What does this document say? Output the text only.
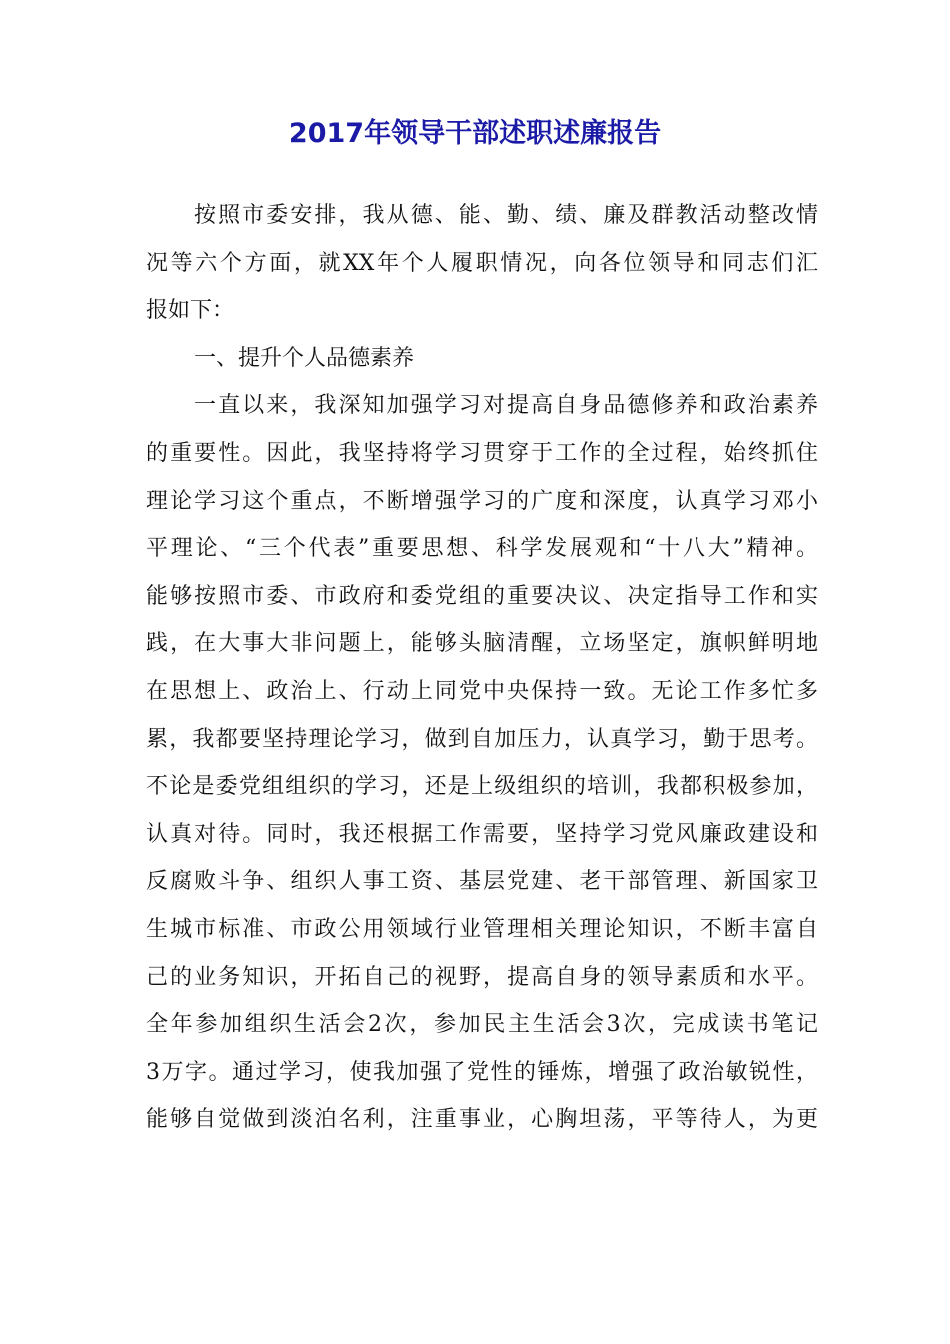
2017年领导干部述职述廉报告
按照市委安排，我从德、能、勤、绩、廉及群教活动整改情
况等六个方面，就XX年个人履职情况，向各位领导和同志们汇
报如下：
一、提升个人品德素养
一直以来，我深知加强学习对提高自身品德修养和政治素养
的重要性。因此，我坚持将学习贯穿于工作的全过程，始终抓住
理论学习这个重点，不断增强学习的广度和深度，认真学习邓小
平理论、“三个代表”重要思想、科学发展观和“十八大”精神。
能够按照市委、市政府和委党组的重要决议、决定指导工作和实
践，在大事大非问题上，能够头脑清醒，立场坚定，旗帜鲜明地
在思想上、政治上、行动上同党中央保持一致。无论工作多忙多
累，我都要坚持理论学习，做到自加压力，认真学习，勤于思考。
不论是委党组组织的学习，还是上级组织的培训，我都积极参加，
认真对待。同时，我还根据工作需要，坚持学习党风廉政建设和
反腐败斗争、组织人事工资、基层党建、老干部管理、新国家卫
生城市标准、市政公用领域行业管理相关理论知识，不断丰富自
己的业务知识，开拓自己的视野，提高自身的领导素质和水平。
全年参加组织生活会2次，参加民主生活会3次，完成读书笔记
3万字。通过学习，使我加强了党性的锤炼，增强了政治敏锐性，
能够自觉做到淡泊名利，注重事业，心胸坦荡，平等待人，为更
